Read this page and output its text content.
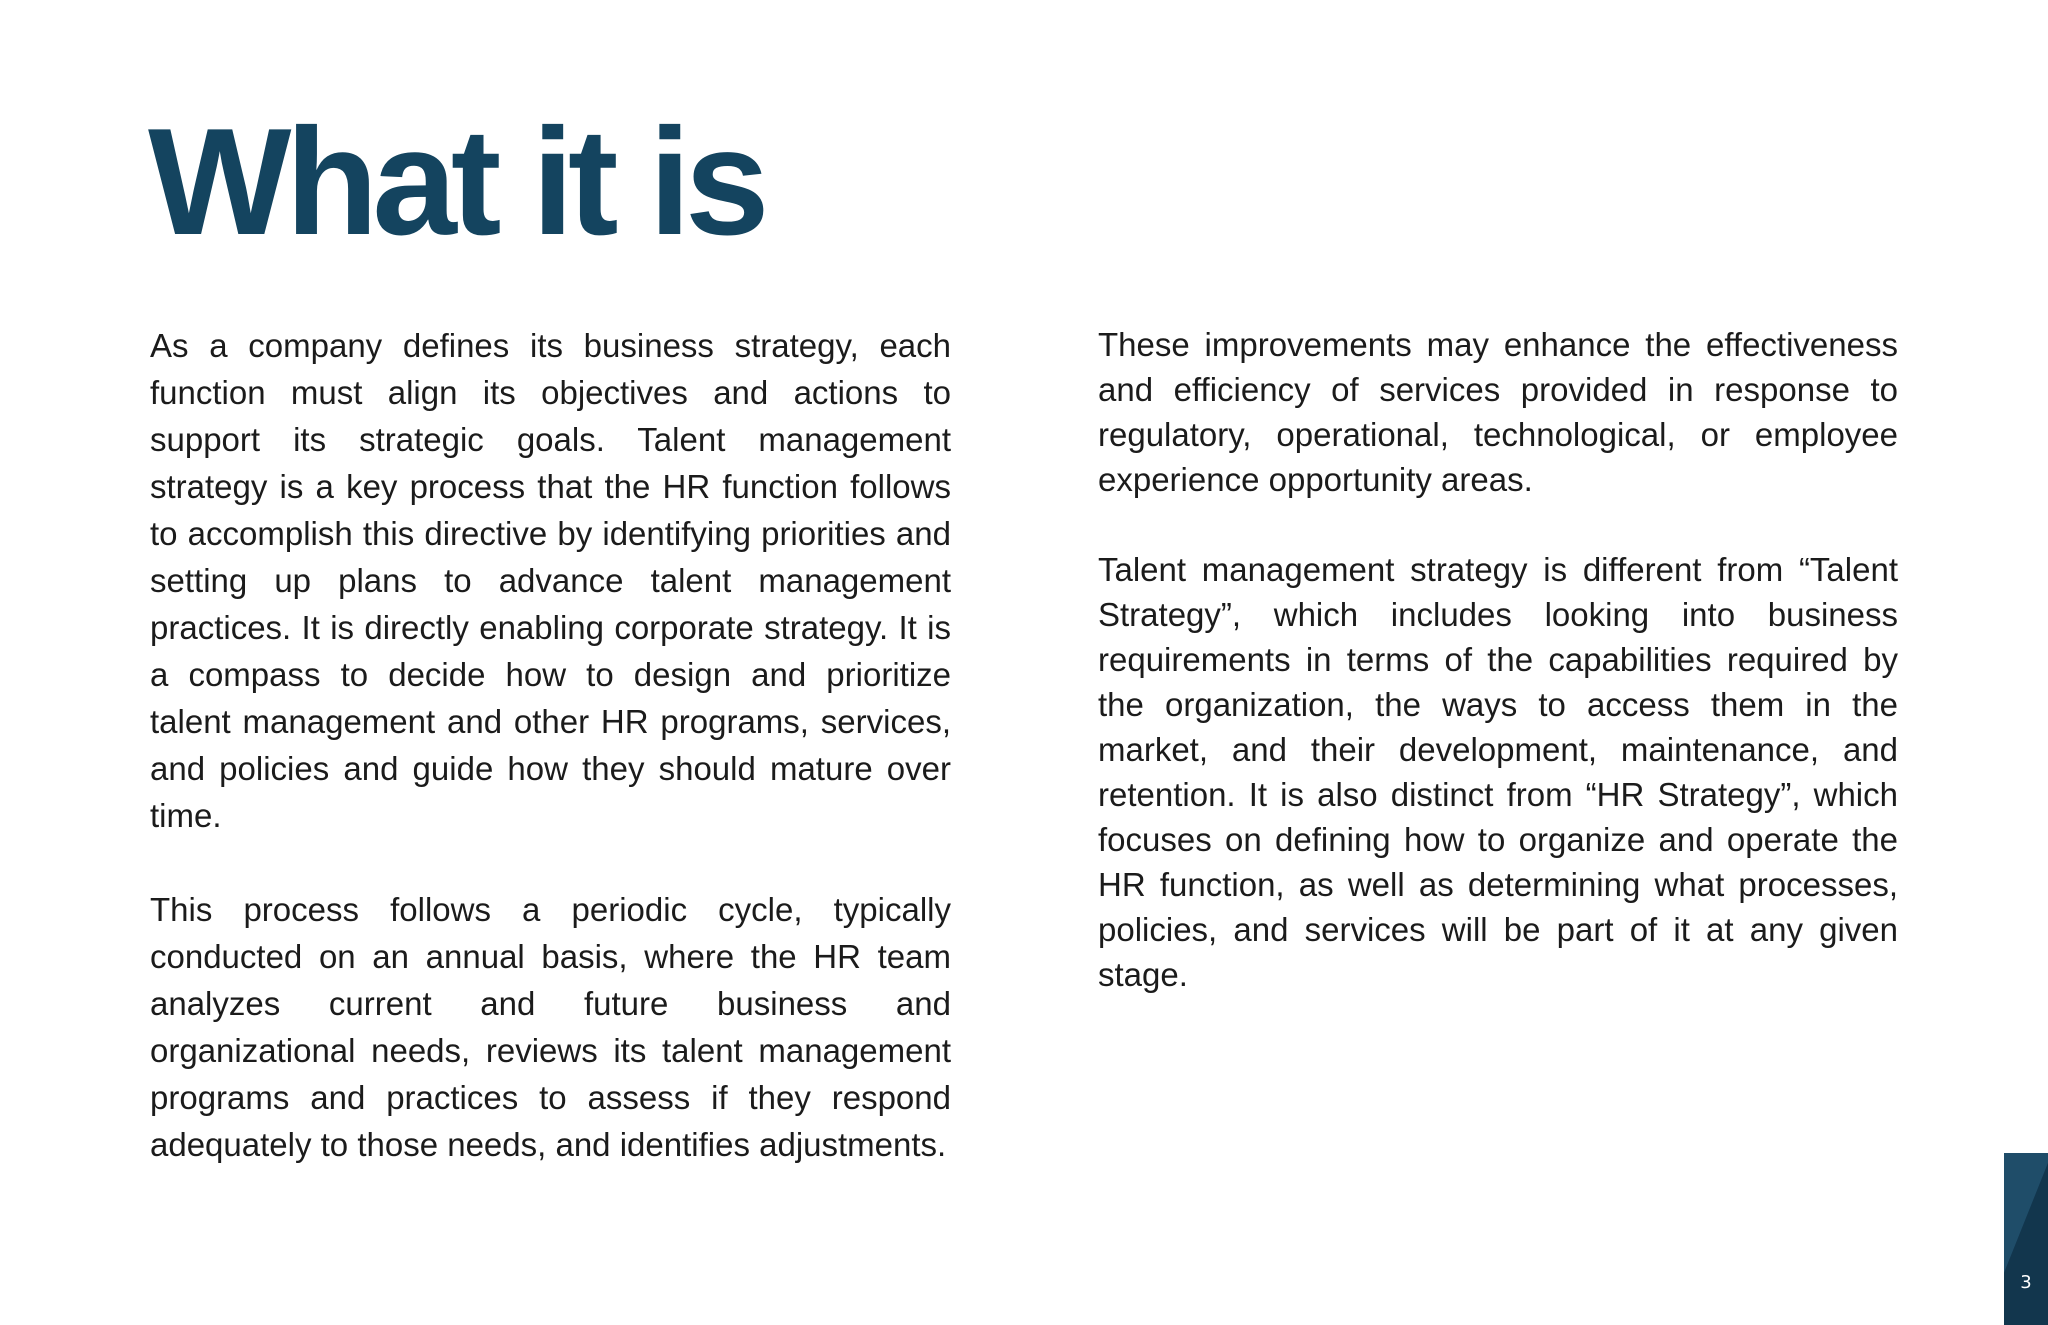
What it is

As a company defines its business strategy, each function must align its objectives and actions to support its strategic goals. Talent management strategy is a key process that the HR function follows to accomplish this directive by identifying priorities and setting up plans to advance talent management practices. It is directly enabling corporate strategy. It is a compass to decide how to design and prioritize talent management and other HR programs, services, and policies and guide how they should mature over time.

This process follows a periodic cycle, typically conducted on an annual basis, where the HR team analyzes current and future business and organizational needs, reviews its talent management programs and practices to assess if they respond adequately to those needs, and identifies adjustments.

These improvements may enhance the effectiveness and efficiency of services provided in response to regulatory, operational, technological, or employee experience opportunity areas.

Talent management strategy is different from “Talent Strategy”, which includes looking into business requirements in terms of the capabilities required by the organization, the ways to access them in the market, and their development, maintenance, and retention. It is also distinct from “HR Strategy”, which focuses on defining how to organize and operate the HR function, as well as determining what processes, policies, and services will be part of it at any given stage.

3
